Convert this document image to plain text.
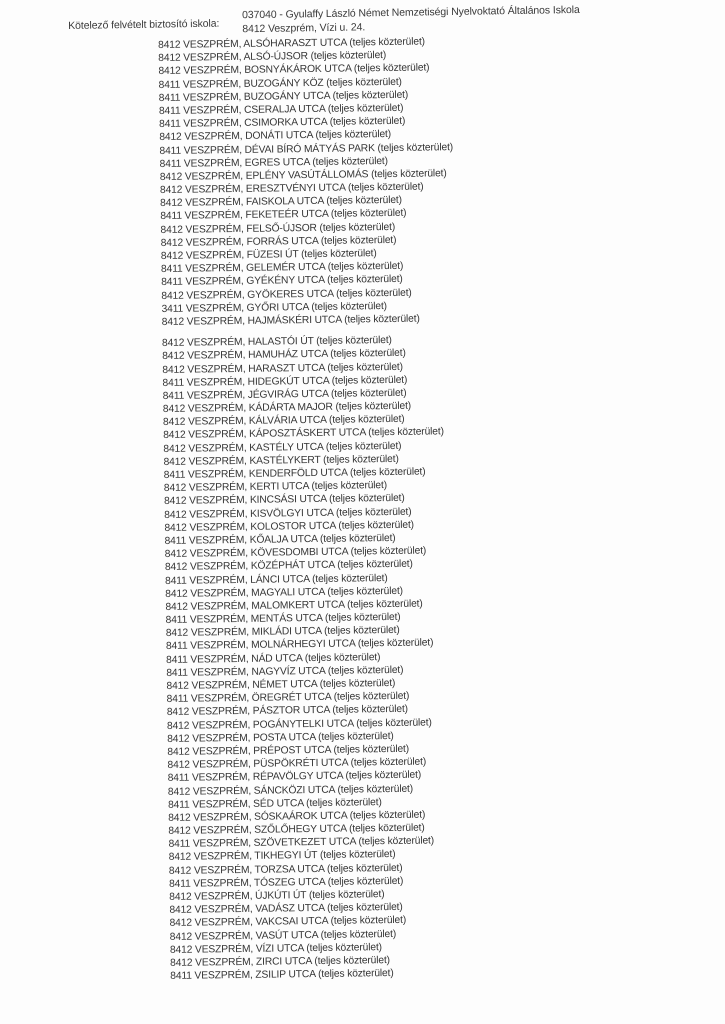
Kötelező felvételt biztosító iskola:
037040 - Gyulaffy László Német Nemzetiségi Nyelvoktató Általános Iskola
8412 Veszprém, Vízi u. 24.
8412 VESZPRÉM, ALSÓHARASZT UTCA (teljes közterület)
8412 VESZPRÉM, ALSÓ-ÚJSOR (teljes közterület)
8412 VESZPRÉM, BOSNYÁKÁROK UTCA (teljes közterület)
8411 VESZPRÉM, BUZOGÁNY KÖZ (teljes közterület)
8411 VESZPRÉM, BUZOGÁNY UTCA (teljes közterület)
8411 VESZPRÉM, CSERALJA UTCA (teljes közterület)
8411 VESZPRÉM, CSIMORKA UTCA (teljes közterület)
8412 VESZPRÉM, DONÁTI UTCA (teljes közterület)
8411 VESZPRÉM, DÉVAI BÍRÓ MÁTYÁS PARK (teljes közterület)
8411 VESZPRÉM, EGRES UTCA (teljes közterület)
8412 VESZPRÉM, EPLÉNY VASÚTÁLLOMÁS (teljes közterület)
8412 VESZPRÉM, ERESZTVÉNYI UTCA (teljes közterület)
8412 VESZPRÉM, FAISKOLA UTCA (teljes közterület)
8411 VESZPRÉM, FEKETEÉR UTCA (teljes közterület)
8412 VESZPRÉM, FELSŐ-ÚJSOR (teljes közterület)
8412 VESZPRÉM, FORRÁS UTCA (teljes közterület)
8412 VESZPRÉM, FÜZESI ÚT (teljes közterület)
8411 VESZPRÉM, GELEMÉR UTCA (teljes közterület)
8411 VESZPRÉM, GYÉKÉNY UTCA (teljes közterület)
8412 VESZPRÉM, GYÖKERES UTCA (teljes közterület)
3411 VESZPRÉM, GYŐRI UTCA (teljes közterület)
8412 VESZPRÉM, HAJMÁSKÉRI UTCA (teljes közterület)
8412 VESZPRÉM, HALASTÓI ÚT (teljes közterület)
8412 VESZPRÉM, HAMUHÁZ UTCA (teljes közterület)
8412 VESZPRÉM, HARASZT UTCA (teljes közterület)
8411 VESZPRÉM, HIDEGKÚT UTCA (teljes közterület)
8411 VESZPRÉM, JÉGVIRÁG UTCA (teljes közterület)
8412 VESZPRÉM, KÁDÁRTA MAJOR (teljes közterület)
8412 VESZPRÉM, KÁLVÁRIA UTCA (teljes közterület)
8412 VESZPRÉM, KÁPOSZTÁSKERT UTCA (teljes közterület)
8412 VESZPRÉM, KASTÉLY UTCA (teljes közterület)
8412 VESZPRÉM, KASTÉLYKERT (teljes közterület)
8411 VESZPRÉM, KENDERFÖLD UTCA (teljes közterület)
8412 VESZPRÉM, KERTI UTCA (teljes közterület)
8412 VESZPRÉM, KINCSÁSI UTCA (teljes közterület)
8412 VESZPRÉM, KISVÖLGYI UTCA (teljes közterület)
8412 VESZPRÉM, KOLOSTOR UTCA (teljes közterület)
8411 VESZPRÉM, KŐALJA UTCA (teljes közterület)
8412 VESZPRÉM, KÖVESDOMBI UTCA (teljes közterület)
8412 VESZPRÉM, KÖZÉPHÁT UTCA (teljes közterület)
8411 VESZPRÉM, LÁNCI UTCA (teljes közterület)
8412 VESZPRÉM, MAGYALI UTCA (teljes közterület)
8412 VESZPRÉM, MALOMKERT UTCA (teljes közterület)
8411 VESZPRÉM, MENTÁS UTCA (teljes közterület)
8412 VESZPRÉM, MIKLÁDI UTCA (teljes közterület)
8411 VESZPRÉM, MOLNÁRHEGYI UTCA (teljes közterület)
8411 VESZPRÉM, NÁD UTCA (teljes közterület)
8411 VESZPRÉM, NAGYVÍZ UTCA (teljes közterület)
8412 VESZPRÉM, NÉMET UTCA (teljes közterület)
8411 VESZPRÉM, ÖREGRÉT UTCA (teljes közterület)
8412 VESZPRÉM, PÁSZTOR UTCA (teljes közterület)
8412 VESZPRÉM, POGÁNYTELKI UTCA (teljes közterület)
8412 VESZPRÉM, POSTA UTCA (teljes közterület)
8412 VESZPRÉM, PRÉPOST UTCA (teljes közterület)
8412 VESZPRÉM, PÜSPÖKRÉTI UTCA (teljes közterület)
8411 VESZPRÉM, RÉPAVÖLGY UTCA (teljes közterület)
8412 VESZPRÉM, SÁNCKÖZI UTCA (teljes közterület)
8411 VESZPRÉM, SÉD UTCA (teljes közterület)
8412 VESZPRÉM, SÓSKAÁROK UTCA (teljes közterület)
8412 VESZPRÉM, SZŐLŐHEGY UTCA (teljes közterület)
8411 VESZPRÉM, SZÖVETKEZET UTCA (teljes közterület)
8412 VESZPRÉM, TIKHEGYI ÚT (teljes közterület)
8412 VESZPRÉM, TORZSA UTCA (teljes közterület)
8411 VESZPRÉM, TÓSZEG UTCA (teljes közterület)
8412 VESZPRÉM, ÚJKÚTI ÚT (teljes közterület)
8412 VESZPRÉM, VADÁSZ UTCA (teljes közterület)
8412 VESZPRÉM, VAKCSAI UTCA (teljes közterület)
8412 VESZPRÉM, VASÚT UTCA (teljes közterület)
8412 VESZPRÉM, VÍZI UTCA (teljes közterület)
8412 VESZPRÉM, ZIRCI UTCA (teljes közterület)
8411 VESZPRÉM, ZSILIP UTCA (teljes közterület)
